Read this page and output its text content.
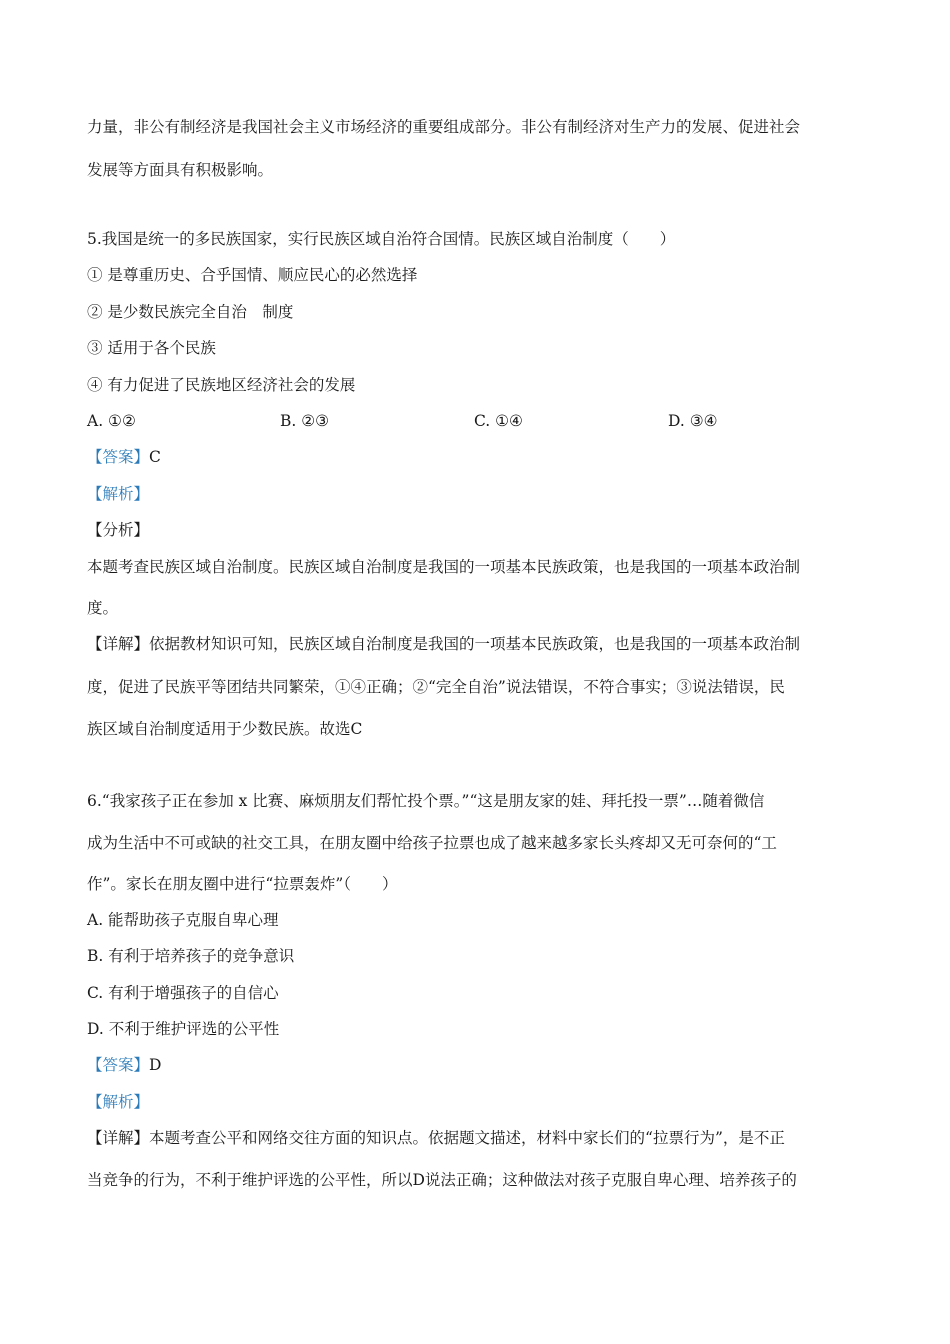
力量，非公有制经济是我国社会主义市场经济的重要组成部分。非公有制经济对生产力的发展、促进社会
发展等方面具有积极影响。
5.我国是统一的多民族国家，实行民族区域自治符合国情。民族区域自治制度（　　）
① 是尊重历史、合乎国情、顺应民心的必然选择
② 是少数民族完全自治　制度
③ 适用于各个民族
④ 有力促进了民族地区经济社会的发展
A. ①②	B. ②③	C. ①④	D. ③④
【答案】C
【解析】
【分析】
本题考查民族区域自治制度。民族区域自治制度是我国的一项基本民族政策，也是我国的一项基本政治制
度。
【详解】依据教材知识可知，民族区域自治制度是我国的一项基本民族政策，也是我国的一项基本政治制
度，促进了民族平等团结共同繁荣，①④正确；②“完全自治”说法错误，不符合事实；③说法错误，民
族区域自治制度适用于少数民族。故选C
6.“我家孩子正在参加 x 比赛、麻烦朋友们帮忙投个票。”“这是朋友家的娃、拜托投一票”…随着微信
成为生活中不可或缺的社交工具，在朋友圈中给孩子拉票也成了越来越多家长头疼却又无可奈何的“工
作”。家长在朋友圈中进行“拉票轰炸”（　　）
A. 能帮助孩子克服自卑心理
B. 有利于培养孩子的竞争意识
C. 有利于增强孩子的自信心
D. 不利于维护评选的公平性
【答案】D
【解析】
【详解】本题考查公平和网络交往方面的知识点。依据题文描述，材料中家长们的“拉票行为”，是不正
当竞争的行为，不利于维护评选的公平性，所以D说法正确；这种做法对孩子克服自卑心理、培养孩子的
